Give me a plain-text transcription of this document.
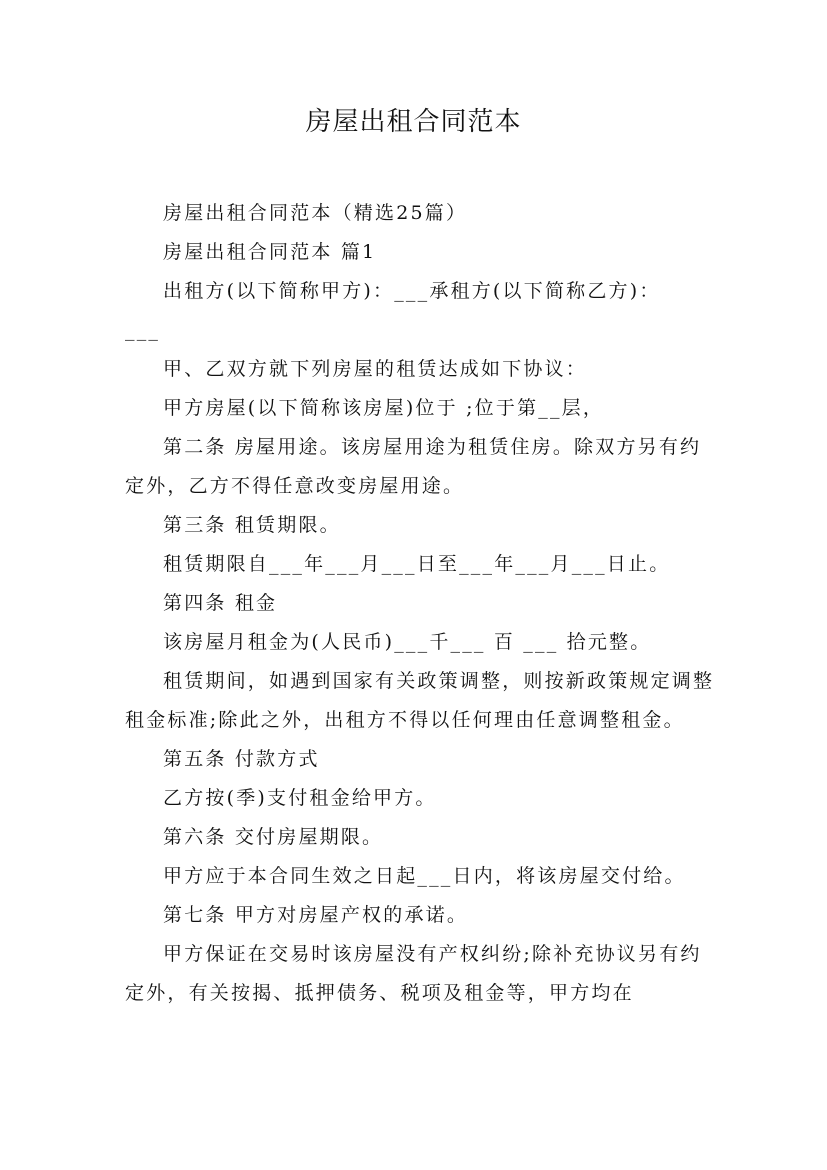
房屋出租合同范本

房屋出租合同范本（精选25篇）

房屋出租合同范本 篇1

出租方(以下简称甲方)：___承租方(以下简称乙方)：

___

甲、乙双方就下列房屋的租赁达成如下协议：

甲方房屋(以下简称该房屋)位于 ;位于第__层，

第二条 房屋用途。该房屋用途为租赁住房。除双方另有约定外，乙方不得任意改变房屋用途。

第三条 租赁期限。

租赁期限自___年___月___日至___年___月___日止。

第四条 租金

该房屋月租金为(人民币)___千___ 百 ___ 拾元整。

租赁期间，如遇到国家有关政策调整，则按新政策规定调整租金标准;除此之外，出租方不得以任何理由任意调整租金。

第五条 付款方式

乙方按(季)支付租金给甲方。

第六条 交付房屋期限。

甲方应于本合同生效之日起___日内，将该房屋交付给。

第七条 甲方对房屋产权的承诺。

甲方保证在交易时该房屋没有产权纠纷;除补充协议另有约定外，有关按揭、抵押债务、税项及租金等，甲方均在
